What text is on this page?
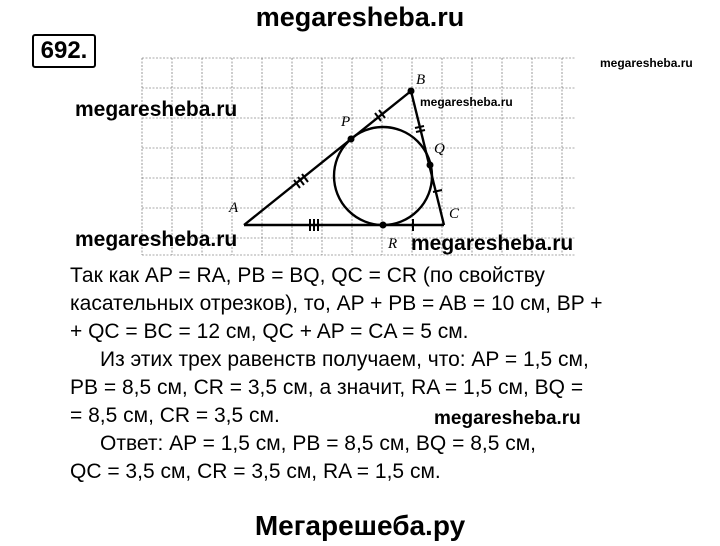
megaresheba.ru
692.
A
B
C
P
Q
R
megaresheba.ru
megaresheba.ru
megaresheba.ru
megaresheba.ru	megaresheba.ru
Так как AP = RA, PB = BQ, QC = CR (по свойству
касательных отрезков), то, AP + PB = AB = 10 см, BP +
+ QC = BC = 12 см, QC + AP = CA = 5 см.
Из этих трех равенств получаем, что: AP = 1,5 см,
PB = 8,5 см, CR = 3,5 см, а значит, RA = 1,5 см, BQ =
= 8,5 см, CR = 3,5 см.
Ответ: AP = 1,5 см, PB = 8,5 см, BQ = 8,5 см,
QC = 3,5 см, CR = 3,5 см, RA = 1,5 см.
megaresheba.ru
Мегарешеба.ру
